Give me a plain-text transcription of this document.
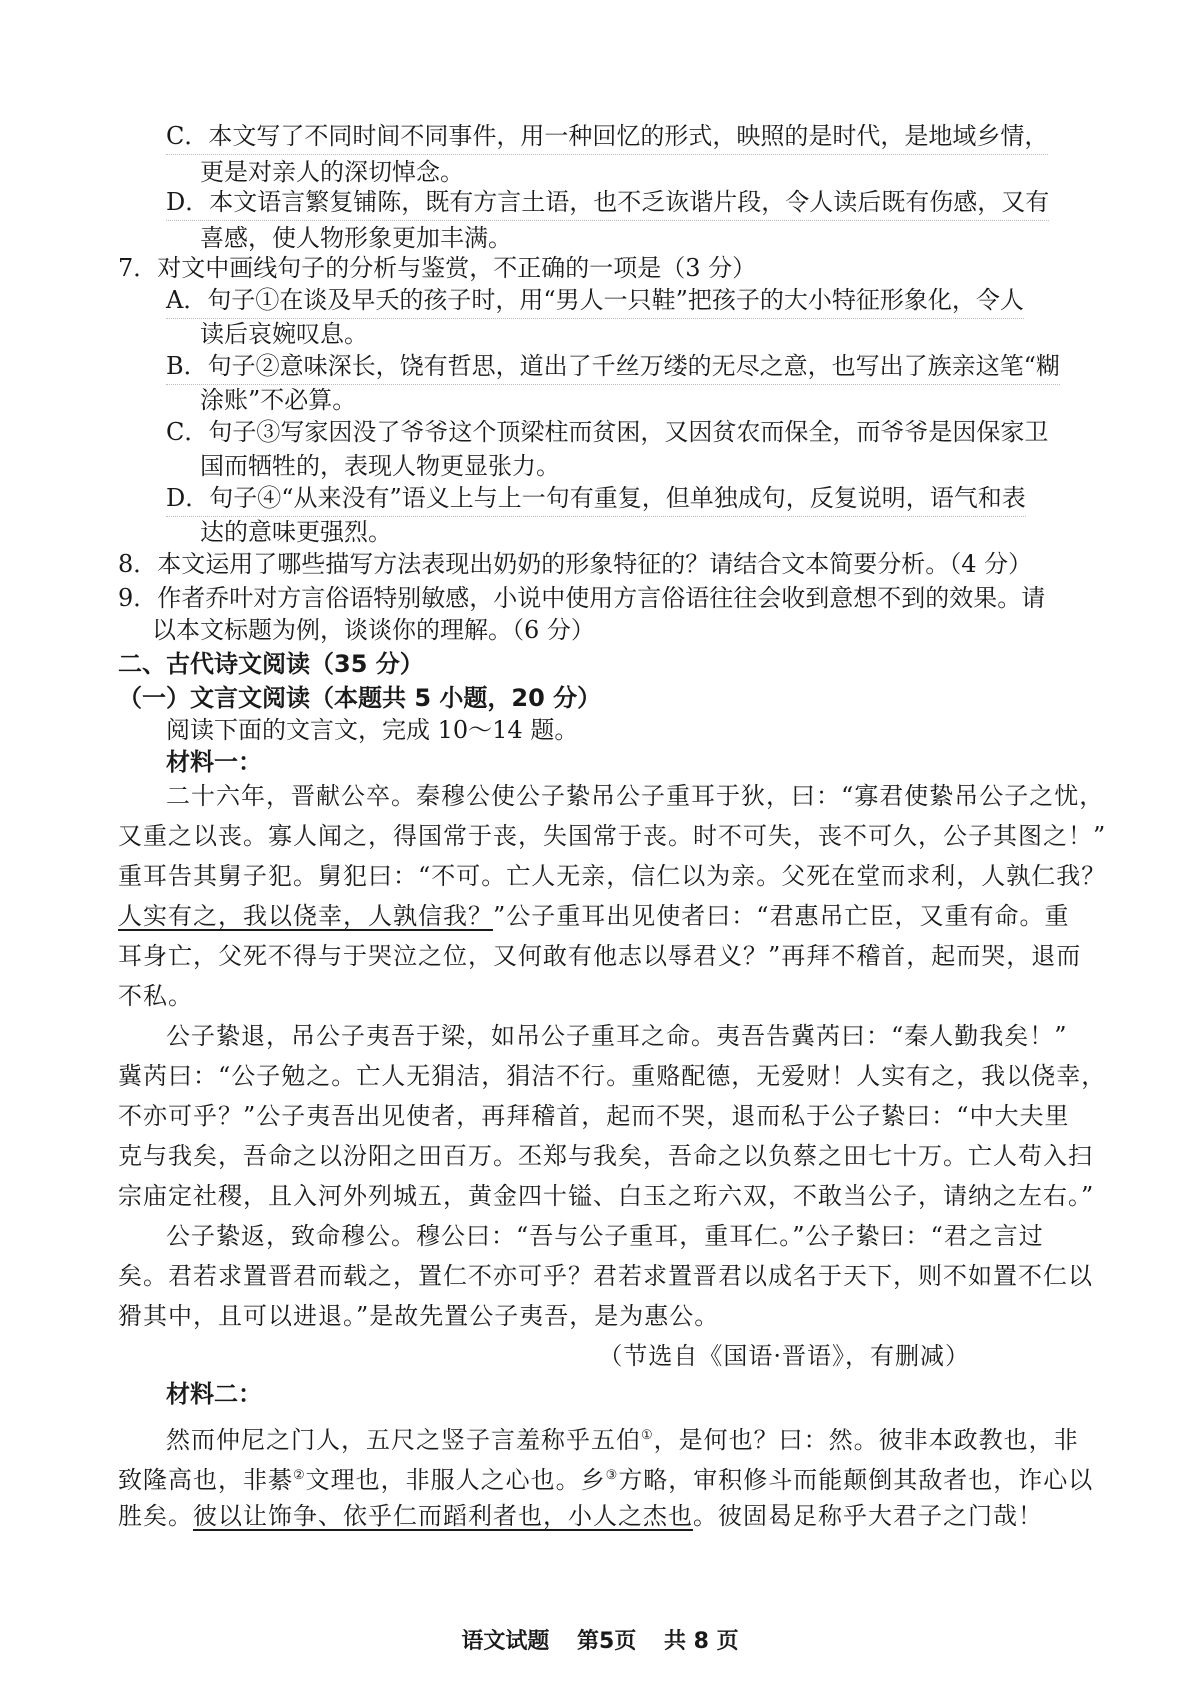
C．本文写了不同时间不同事件，用一种回忆的形式，映照的是时代，是地域乡情，
更是对亲人的深切悼念。
D．本文语言繁复铺陈，既有方言土语，也不乏诙谐片段，令人读后既有伤感，又有
喜感，使人物形象更加丰满。
7．对文中画线句子的分析与鉴赏，不正确的一项是（3 分）
A．句子①在谈及早夭的孩子时，用“男人一只鞋”把孩子的大小特征形象化，令人
读后哀婉叹息。
B．句子②意味深长，饶有哲思，道出了千丝万缕的无尽之意，也写出了族亲这笔“糊
涂账”不必算。
C．句子③写家因没了爷爷这个顶梁柱而贫困，又因贫农而保全，而爷爷是因保家卫
国而牺牲的，表现人物更显张力。
D．句子④“从来没有”语义上与上一句有重复，但单独成句，反复说明，语气和表
达的意味更强烈。
8．本文运用了哪些描写方法表现出奶奶的形象特征的？请结合文本简要分析。（4 分）
9．作者乔叶对方言俗语特别敏感，小说中使用方言俗语往往会收到意想不到的效果。请
以本文标题为例，谈谈你的理解。（6 分）
二、古代诗文阅读（35 分）
（一）文言文阅读（本题共 5 小题，20 分）
阅读下面的文言文，完成 10～14 题。
材料一：
二十六年，晋献公卒。秦穆公使公子絷吊公子重耳于狄，曰：“寡君使絷吊公子之忧，
又重之以丧。寡人闻之，得国常于丧，失国常于丧。时不可失，丧不可久，公子其图之！”
重耳告其舅子犯。舅犯曰：“不可。亡人无亲，信仁以为亲。父死在堂而求利，人孰仁我？
人实有之，我以侥幸，人孰信我？”公子重耳出见使者曰：“君惠吊亡臣，又重有命。重
耳身亡，父死不得与于哭泣之位，又何敢有他志以辱君义？”再拜不稽首，起而哭，退而
不私。
公子絷退，吊公子夷吾于梁，如吊公子重耳之命。夷吾告冀芮曰：“秦人勤我矣！”
冀芮曰：“公子勉之。亡人无狷洁，狷洁不行。重赂配德，无爱财！人实有之，我以侥幸，
不亦可乎？”公子夷吾出见使者，再拜稽首，起而不哭，退而私于公子絷曰：“中大夫里
克与我矣，吾命之以汾阳之田百万。丕郑与我矣，吾命之以负蔡之田七十万。亡人苟入扫
宗庙定社稷，且入河外列城五，黄金四十镒、白玉之珩六双，不敢当公子，请纳之左右。”
公子絷返，致命穆公。穆公曰：“吾与公子重耳，重耳仁。”公子絷曰：“君之言过
矣。君若求置晋君而载之，置仁不亦可乎？君若求置晋君以成名于天下，则不如置不仁以
猾其中，且可以进退。”是故先置公子夷吾，是为惠公。
（节选自《国语·晋语》，有删减）
材料二：
然而仲尼之门人，五尺之竖子言羞称乎五伯①，是何也？曰：然。彼非本政教也，非
致隆高也，非綦②文理也，非服人之心也。乡③方略，审积修斗而能颠倒其敌者也，诈心以
胜矣。彼以让饰争、依乎仁而蹈利者也，小人之杰也。彼固曷足称乎大君子之门哉！
语文试题 第5页 共 8 页
